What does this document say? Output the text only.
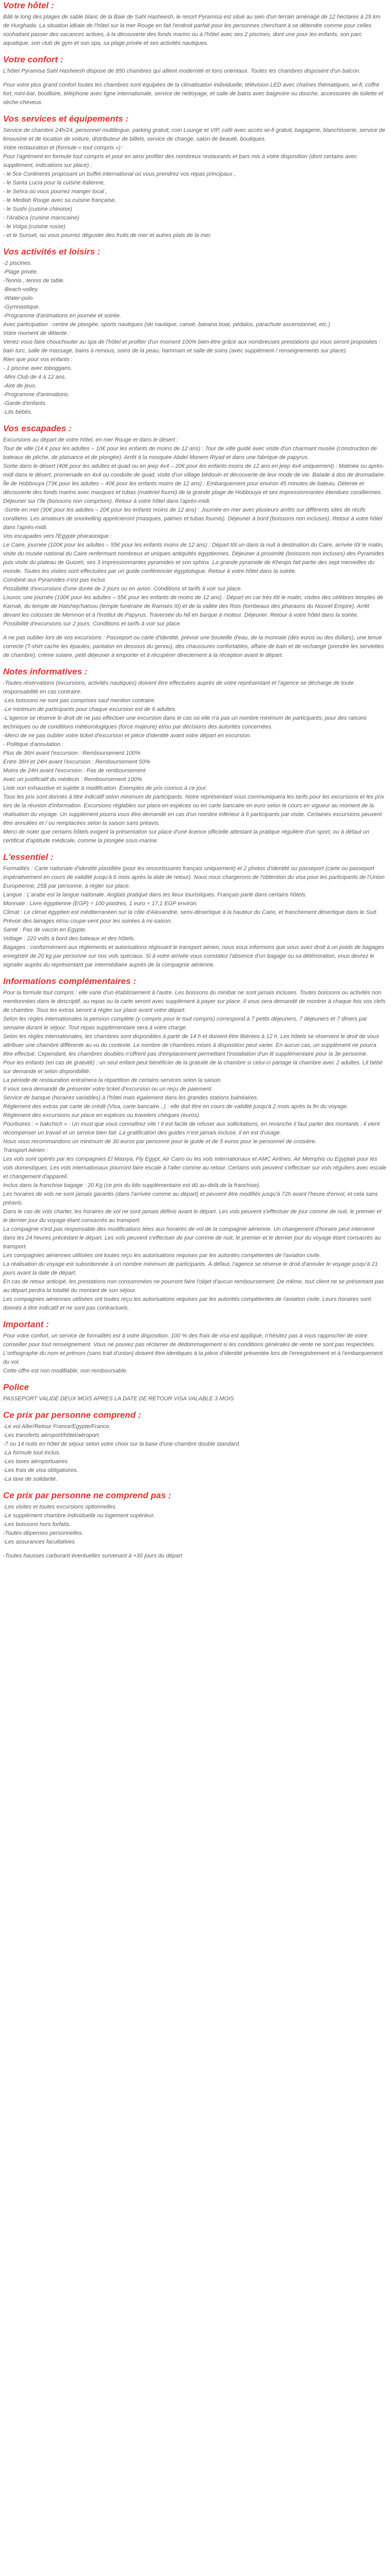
Votre hôtel :
Bâti le long des plages de sable blanc de la Baie de Sahl Hasheesh, le resort Pyramisa est situé au sein d'un terrain aménagé de 12 hectares à 25 km de Hurghada. La situation idéale de l'hôtel sur la mer Rouge en fait l'endroit parfait pour les personnes cherchant à se détendre comme pour celles souhaitant passer des vacances actives, à la découverte des fonds marins ou à l'hôtel avec ses 2 piscines, dont une pour les enfants, son parc aquatique, son club de gym et son spa, sa plage privée et ses activités nautiques.
Votre confort :
L'hôtel Pyramisa Sahl Hasheesh dispose de 850 chambres qui allient modernité et tons orientaux. Toutes les chambres disposent d'un balcon.
Pour votre plus grand confort toutes les chambres sont équipées de la climatisation individuelle, télévision LED avec chaînes thématiques, wi-fi, coffre fort, mini-bar, bouilloire, téléphone avec ligne internationale, service de nettoyage, et salle de bains avec baignoire ou douche, accessoires de toilette et sèche-cheveux.
Vos services et équipements :
Service de chambre 24h/24, personnel multilingue, parking gratuit, coin Lounge et VIP, café avec accès wi-fi gratuit, bagagerie, blanchisserie, service de limousine et de location de voiture, distributeur de billets, service de change, salon de beauté, boutiques.
Votre restauration et (formule « tout compris ») :
Pour l'agrément en formule tout compris et pour en ainsi profiter des nombreux restaurants et bars mis à votre disposition (dont certains avec supplément, indications sur place) :
- le 5ce Continents proposant un buffet international où vous prendrez vos repas principaux ,
- le Santa Lucia pour la cuisine italienne,
- le Sehra où vous pourrez manger local ,
- le Mediah Rouge avec sa cuisine française,
- le Sushi (cuisine chinoise)
- l'Arabica (cuisine marocaine)
- le Volga (cuisine russe)
- et le Sunset, où vous pourrez déguster des fruits de mer et autres plats de la mer.
Vos activités et loisirs :
-2 piscines.
-Plage privée.
-Tennis , tennis de table.
-Beach-volley.
-Water-polo.
-Gymnastique.
-Programme d'animations en journée et soirée.
Avec participation : centre de plongée, sports nautiques (ski nautique, canoë, banana boat, pédalos, parachute ascensionnel, etc.)
Votre moment de détente :
Venez vous faire chouchouter au spa de l'hôtel et profiter d'un moment 100% bien-être grâce aux nombreuses prestations qui vous seront proposées : bain turc, salle de massage, bains à remous, soins de la peau, hammam et salle de soins (avec supplément / renseignements sur place).
Rien que pour vos enfants :
- 1 piscine avec toboggans.
-Mini Club de 4 à 12 ans.
-Aire de jeux.
-Programme d'animations.
-Garde d'enfants.
-Lits bébés.
Vos escapades :
Excursions au départ de votre hôtel, en mer Rouge et dans le désert :
Tour de ville (14 € pour les adultes – 10€ pour les enfants de moins de 12 ans) : Tour de ville guidé avec visite d'un charmant musée (construction de bateaux de pêche, de plaisance et de plongée). Arrêt à la mosquée Abdel Monem Riyad et dans une fabrique de papyrus.
Sortie dans le désert (40€ pour les adultes et quad ou en jeep 4x4 – 20€ pour les enfants moins de 12 ans en jeep 4x4 uniquement) : Matinée ou après-midi dans le désert, promenade en 4x4 ou conduite de quad, visite d'un village bédouin et découverte de leur mode de vie. Balade à dos de dromadaire.
Île de Hobbouya (73€ pour les adultes – 40€ pour les enfants moins de 12 ans) : Embarquement pour environ 45 minutes de bateau. Détente et découverte des fonds marins avec masques et tubas (matériel fourni) de la grande plage de Hobbouya et ses impressionnantes étendues coralliennes. Déjeuner sur l'île (boissons non comprises). Retour à votre hôtel dans l'après-midi.
-Sortie en mer (30€ pour les adultes – 20€ pour les enfants moins de 12 ans) : Journée en mer avec plusieurs arrêts sur différents sites de récifs coralliens. Les amateurs de snorkelling apprécieront (masques, palmes et tubas fournis). Déjeuner à bord (boissons non incluses). Retour à votre hôtel dans l'après-midi.
Vos escapades vers l'Egypte pharaonique :
Le Caire, journée (100€ pour les adultes – 55€ pour les enfants moins de 12 ans) : Départ tôt un dans la nuit à destination du Caire, arrivée tôt le matin, visite du musée national du Caire renfermant nombreux et uniques antiquités égyptiennes. Déjeuner à proximité (boissons non incluses) des Pyramides puis visite du plateau de Guizeh, ses 3 impressionnantes pyramides et son sphinx. La grande pyramide de Kheops fait partie des sept merveilles du monde. Toutes les visites sont effectuées par un guide conférencier égyptologue. Retour à votre hôtel dans la soirée.
Combiné aux Pyramides n'est pas inclus
Possibilité d'excursions d'une durée de 2 jours ou en avion. Conditions et tarifs à voir sur place.
Louxor, une journée (100€ pour les adultes – 55€ pour les enfants de moins de 12 ans) : Départ en car très tôt le matin, visites des célèbres temples de Karnak, du temple de Hatshep'hatsou (temple funéraire de Ramsès III) et de la vallée des Rois (tombeaux des pharaons du Nouvel Empire). Arrêt devant les colosses de Memnon et à l'institut de Papyrus. Traversée du Nil en barque à moteur. Déjeuner. Retour à votre hôtel dans la soirée.
Possibilité d'excursions sur 2 jours. Conditions et tarifs à voir sur place.
A ne pas oublier lors de vos excursions : Passeport ou carte d'identité, prévoir une bouteille d'eau, de la monnaie (des euros ou des dollars), une tenue correcte (T-shirt cache les épaules, pantalon en dessous du genou), des chaussures confortables, affaire de bain et de rechange (prendre les serviettes de chambre), crème solaire, petit déjeuner à emporter et à récupérer directement à la réception avant le départ.
Notes informatives :
-Toutes réservations (excursions, activités nautiques) doivent être effectuées auprès de votre représentant et l'agence se décharge de toute responsabilité en cas contraire.
-Les boissons ne sont pas comprises sauf mention contraire.
-Le minimum de participants pour chaque excursion est de 6 adultes.
-L'agence se réserve le droit de ne pas effectuer une excursion dans le cas où elle n'a pas un nombre minimum de participants, pour des raisons techniques ou de conditions météorologiques (force majeure) et/ou par décisions des autorités concernées.
-Merci de ne pas oublier votre ticket d'excursion et pièce d'identité avant votre départ en excursion.
- Politique d'annulation :
Plus de 36H avant l'excursion : Remboursement 100%
Entre 36H et 24H avant l'excursion : Remboursement 50%
Moins de 24H avant l'excursion : Pas de remboursement
Avec un justificatif du médecin : Remboursement 100%
Liste non exhaustive et sujette à modification. Exemples de prix connus à ce jour.
Tous les prix sont donnés à titre indicatif selon minimum de participants. Notre représentant vous communiquera les tarifs pour les excursions et les prix lors de la réunion d'information. Excursions réglables sur place en espèces ou en carte bancaire en euro selon le cours en vigueur au moment de la réalisation du voyage. Un supplément pourra vous être demandé en cas d'un nombre inférieur à 6 participants par visite. Certaines excursions peuvent être annulées et / ou remplacées selon la saison sans préavis.
Merci de noter que certains hôtels exigent la présentation sur place d'une licence officielle attestant la pratique régulière d'un sport, ou à défaut un certificat d'aptitude médicale, comme la plongée sous-marine.
L'essentiel :
Formalités : Carte nationale d'identité plastifiée (pour les ressortissants français uniquement) et 2 photos d'identité ou passeport (carte ou passeport impérativement en cours de validité jusqu'à 6 mois après la date de retour). Nous nous chargerons de l'obtention du visa pour les participants de l'Union Européenne, 25$ par personne, à régler sur place.
Langue : L'arabe est la langue nationale. Anglais pratiqué dans les lieux touristiques. Français parlé dans certains hôtels.
Monnaie : Livre égyptienne (EGP) = 100 piastres, 1 euro = 17,1 EGP environ.
Climat : Le climat égyptien est méditerranéen sur la côte d'Alexandrie, semi-désertique à la hauteur du Caire, et franchement désertique dans le Sud. Prévoir des lainages et/ou coupe-vent pour les soirées à mi-saison.
Santé : Pas de vaccin en Egypte.
Voltage : 220 volts à bord des bateaux et des hôtels.
Bagages : conformément aux règlements et autorisations régissant le transport aérien, nous vous informons que vous avez droit à un poids de bagages enregistré de 20 kg par personne sur nos vols spéciaux. Si à votre arrivée vous constatez l'absence d'un bagage ou sa détérioration, vous devrez le signaler auprès du représentant par intermédiaire auprès de la compagnie aérienne.
Informations complémentaires :
Pour la formule tout compris : elle varie d'un établissement à l'autre. Les boissons du minibar ne sont jamais incluses. Toutes boissons ou activités non mentionnées dans le descriptif, au repas ou la carte seront avec supplément à payer sur place. Il vous sera demandé de montrer à chaque fois vos clefs de chambre. Tous les extras seront à régler sur place avant votre départ.
Selon les règles internationales la pension complète (y compris pour le tout compris) correspond à 7 petits déjeuners, 7 déjeuners et 7 dîners par semaine durant le séjour. Tout repas supplémentaire sera à votre charge.
Selon les règles internationales, les chambres sont disponibles à partir de 14 h et doivent être libérées à 12 h. Les hôtels se réservent le droit de vous attribuer une chambre différente au vu du contexte. Le nombre de chambres mises à disposition peut varier. En aucun cas, un supplément ne pourra être effectué. Cependant, les chambres doubles n'offrent pas d'emplacement permettant l'installation d'un lit supplémentaire pour la 3e personne.
Pour les enfants (en cas de gratuité) : un seul enfant peut bénéficier de la gratuité de la chambre si celui-ci partage la chambre avec 2 adultes. Lit bébé sur demande et selon disponibilité.
La période de restauration entraînera la répartition de certains services selon la saison.
Il vous sera demandé de présenter votre ticket d'excursion ou un reçu de paiement.
Service de banque (horaires variables) à l'hôtel mais également dans les grandes stations balnéaires.
Règlement des extras par carte de crédit (Visa, carte bancaire...) : elle doit être en cours de validité jusqu'à 2 mois après la fin du voyage.
Règlement des excursions sur place en espèces ou travelers chèques (euros).
Pourboires : « bakchich » : Un must que vous connaîtrez vite ! Il est facile de refuser aux sollicitations, en revanche il faut parler des montants : il vient récompenser un travail et un service bien fait. La gratification des guides n'est jamais incluse, il en est d'usage.
Nous vous recommandons un minimum de 30 euros par personne pour le guide et de 5 euros pour le personnel de croisière.
Transport Aérien :
Les vols sont opérés par les compagnies El Masrya, Fly Egypt, Air Cairo ou les vols Internationaux et AMC Airlines. Air Memphis ou Egyptair pour les vols domestiques. Les vols internationaux pourront faire escale à l'aller comme au retour. Certains vols peuvent s'effectuer sur vols réguliers avec escale et changement d'appareil.
Inclus dans la franchise bagage : 20 Kg (ce prix du kilo supplémentaire est dû au-delà de la franchise).
Les horaires de vols ne sont jamais garantis (dans l'arrivée comme au départ) et peuvent être modifiés jusqu'à 72h avant l'heure d'envol, et cela sans préavis.
Dans le cas de vols charter, les horaires de vol ne sont jamais définis avant le départ. Les vols peuvent s'effectuer de jour comme de nuit, le premier et le dernier jour du voyage étant consacrés au transport.
La compagnie n'est pas responsable des modifications liées aux horaires de vol de la compagnie aérienne. Un changement d'horaire peut intervenir dans les 24 heures précédant le départ. Les vols peuvent s'effectuer de jour comme de nuit, le premier et le dernier jour du voyage étant consacrés au transport.
Les compagnies aériennes utilisées ont toutes reçu les autorisations requises par les autorités compétentes de l'aviation civile.
La réalisation du voyage est subordonnée à un nombre minimum de participants. À défaut, l'agence se réserve le droit d'annuler le voyage jusqu'à 21 jours avant la date de départ.
En cas de retour anticipé, les prestations non consommées ne pourront faire l'objet d'aucun remboursement. De même, tout client ne se présentant pas au départ perdra la totalité du montant de son séjour.
Les compagnies aériennes utilisées ont toutes reçu les autorisations requises par les autorités compétentes de l'aviation civile. Leurs horaires sont donnés à titre indicatif et ne sont pas contractuels.
Important :
Pour votre confort, un service de formalités est à votre disposition. 100 % des frais de visa est appliqué, n'hésitez pas à vous rapprocher de votre conseiller pour tout renseignement. Vous ne pouvez pas réclamer de dédommagement si les conditions générales de vente ne sont pas respectées.
L'orthographe du nom et prénom (sans trait d'union) doivent être identiques à la pièce d'identité présentée lors de l'enregistrement et à l'embarquement du vol.
Cette offre est non modifiable, non remboursable.
Police
PASSEPORT VALIDE DEUX MOIS APRES LA DATE DE RETOUR VISA VALABLE 3 MOIS
Ce prix par personne comprend :
-Le vol Aller/Retour France/Egypte/France.
-Les transferts aéroport/hôtel/aéroport.
-7 ou 14 nuits en hôtel de séjour selon votre choix sur la base d'une chambre double standard.
-La formule tout inclus.
-Les taxes aéroportuaires.
-Les frais de visa obligatoires.
-La taxe de solidarité.
Ce prix par personne ne comprend pas :
-Les visites et toutes excursions optionnelles.
-Le supplément chambre individuelle ou logement supérieur.
-Les boissons hors forfaits.
-Toutes dépenses personnelles.
-Les assurances facultatives.
-Toutes hausses carburant éventuelles survenant à +30 jours du départ
